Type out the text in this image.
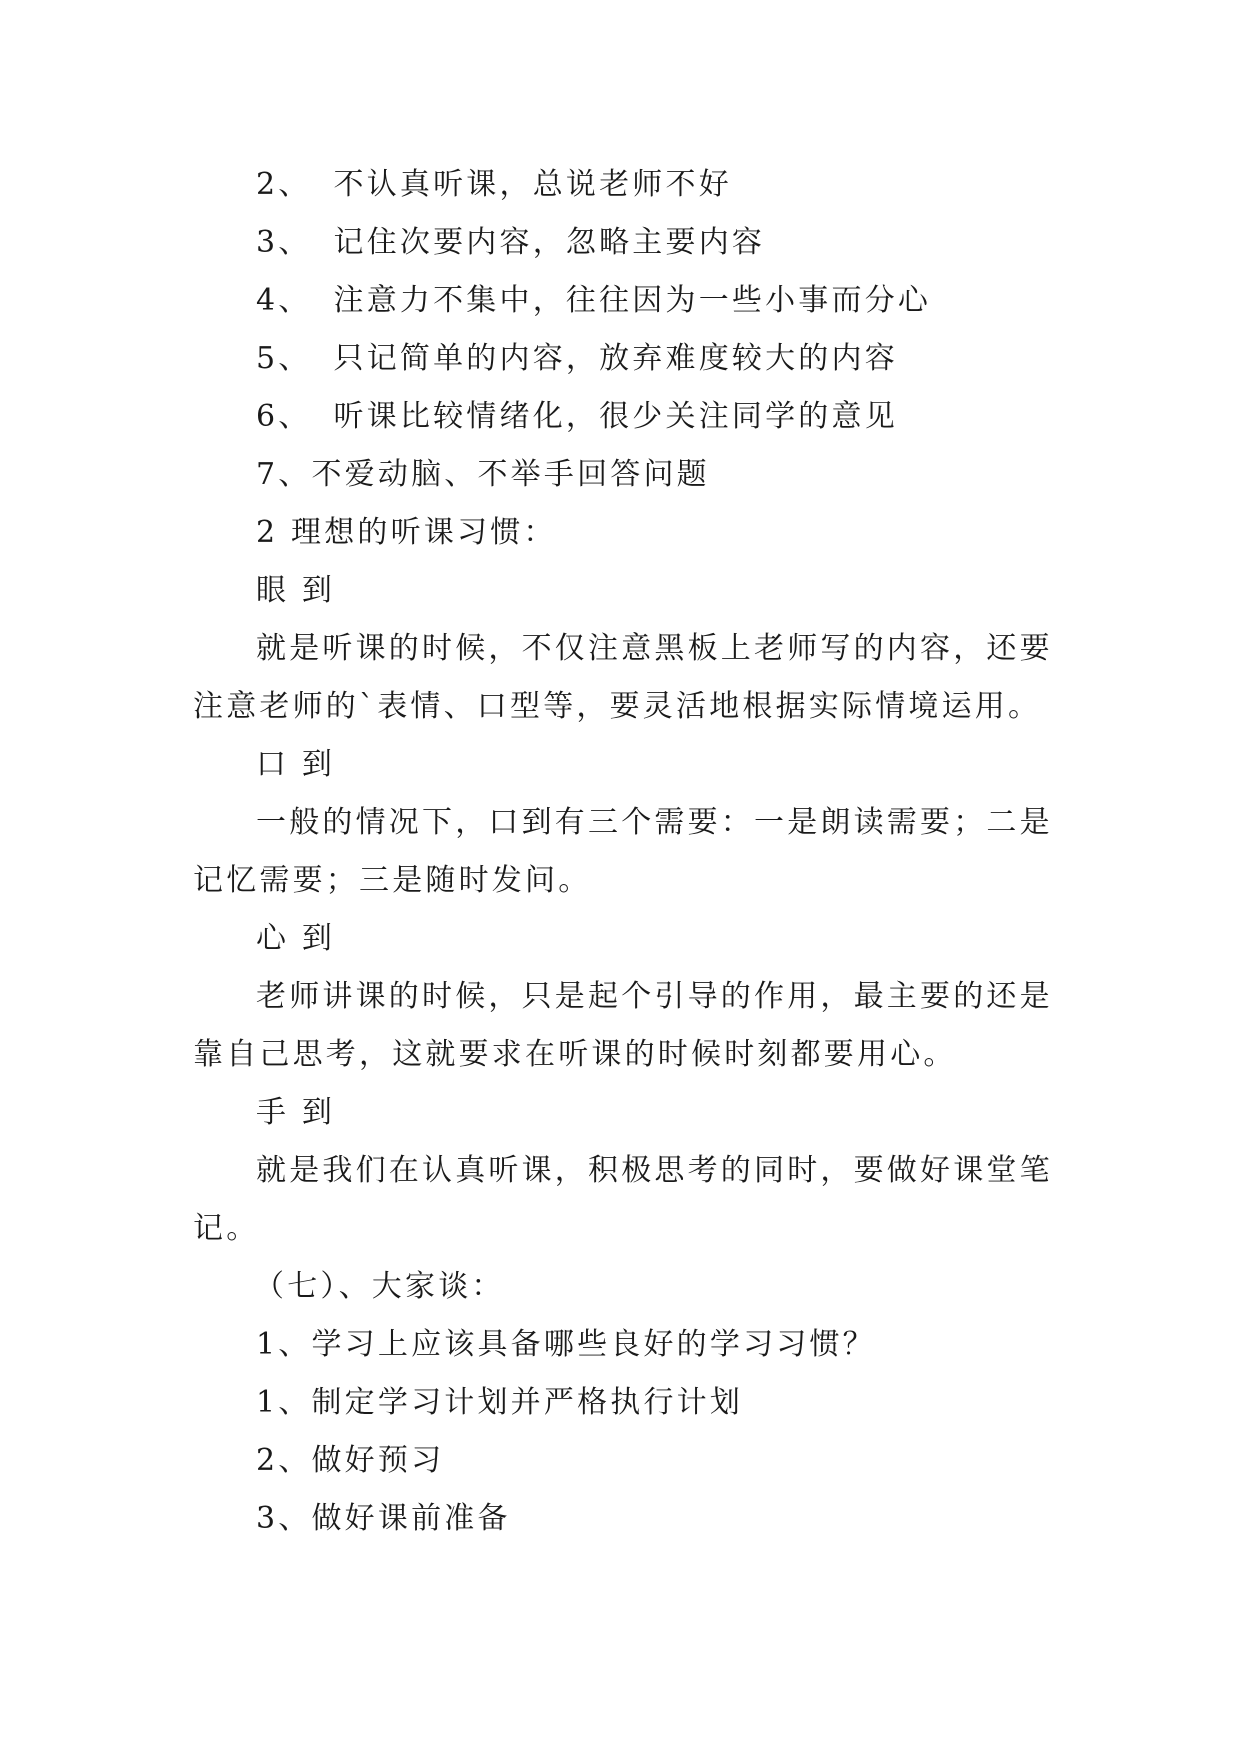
2、 不认真听课，总说老师不好
3、 记住次要内容，忽略主要内容
4、 注意力不集中，往往因为一些小事而分心
5、 只记简单的内容，放弃难度较大的内容
6、 听课比较情绪化，很少关注同学的意见
7、不爱动脑、不举手回答问题
2 理想的听课习惯：
眼 到
就是听课的时候，不仅注意黑板上老师写的内容，还要
注意老师的`表情、口型等，要灵活地根据实际情境运用。
口 到
一般的情况下，口到有三个需要：一是朗读需要；二是
记忆需要；三是随时发问。
心 到
老师讲课的时候，只是起个引导的作用，最主要的还是
靠自己思考，这就要求在听课的时候时刻都要用心。
手 到
就是我们在认真听课，积极思考的同时，要做好课堂笔
记。
（七）、大家谈：
1、学习上应该具备哪些良好的学习习惯？
1、制定学习计划并严格执行计划
2、做好预习
3、做好课前准备
